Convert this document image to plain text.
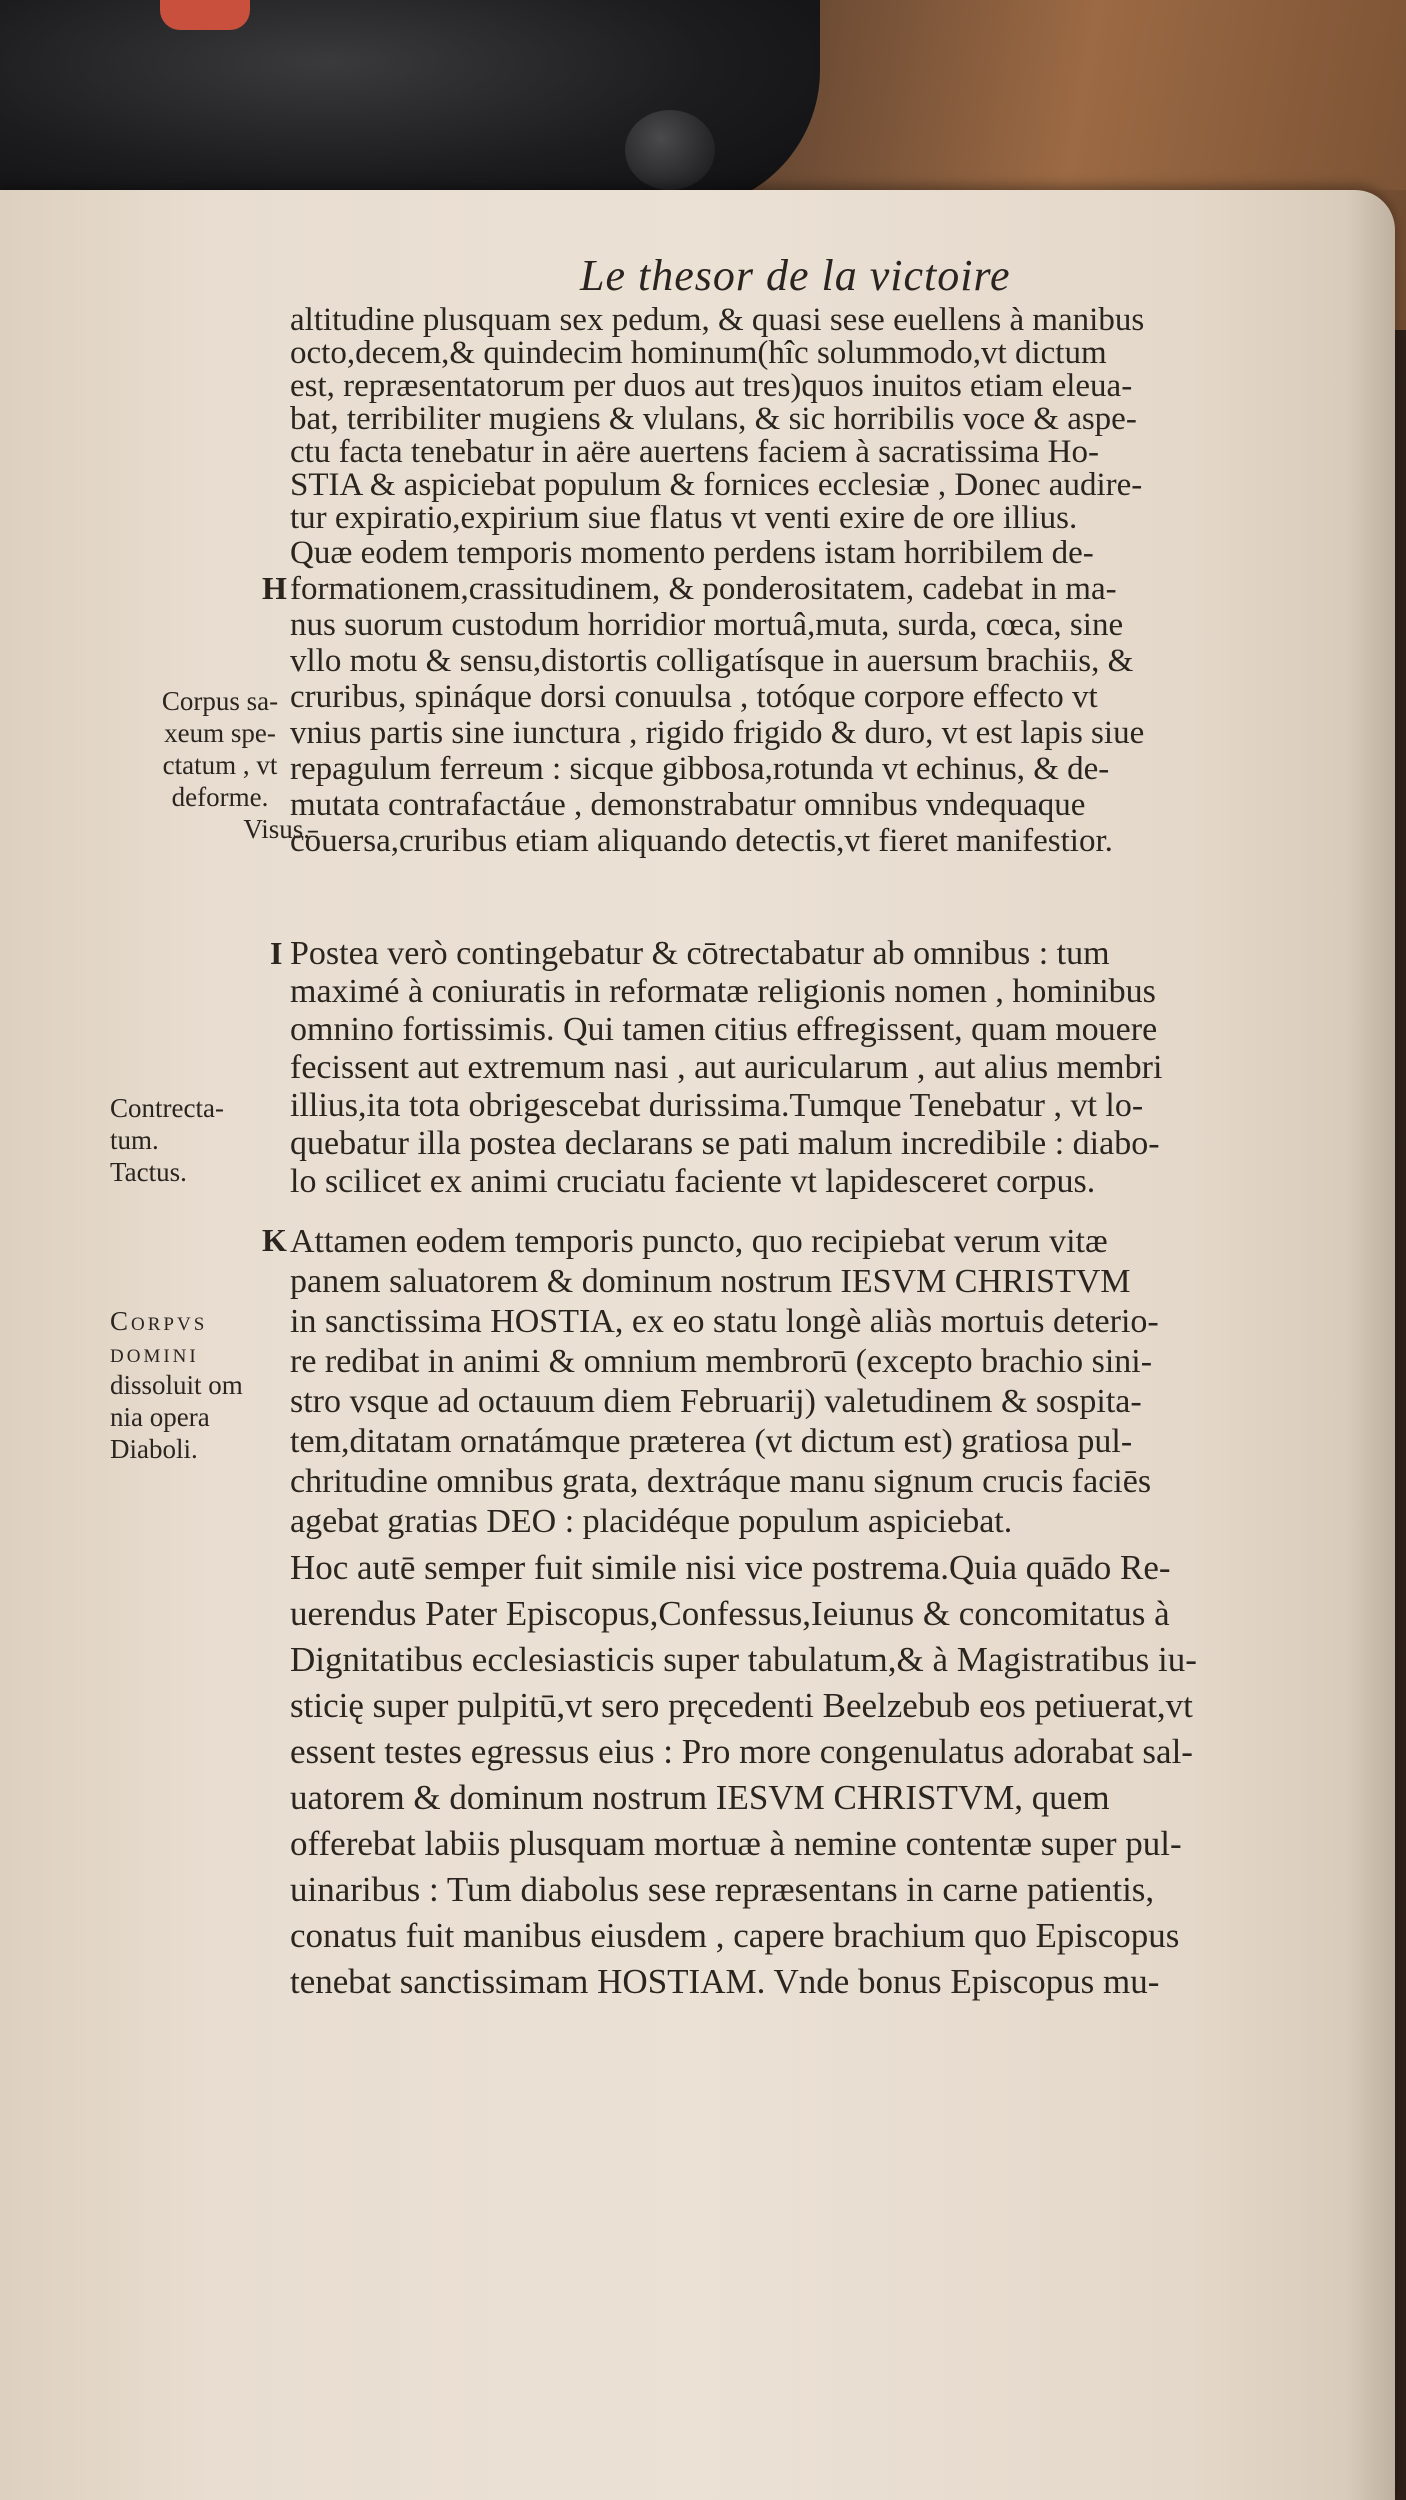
Le thesor de la victoire
altitudine plusquam sex pedum, & quasi sese euellens à manibus
octo,decem,& quindecim hominum(hîc solummodo,vt dictum
est, repræsentatorum per duos aut tres)quos inuitos etiam eleua-
bat, terribiliter mugiens & vlulans, & sic horribilis voce & aspe-
ctu facta tenebatur in aëre auertens faciem à sacratissima Ho-
STIA & aspiciebat populum & fornices ecclesiæ , Donec audire-
tur expiratio,expirium siue flatus vt venti exire de ore illius.
Quæ eodem temporis momento perdens istam horribilem de-
formationem,crassitudinem, & ponderositatem, cadebat in ma-
nus suorum custodum horridior mortuâ,muta, surda, cœca, sine
vllo motu & sensu,distortis colligatísque in auersum brachiis, &
cruribus, spináque dorsi conuulsa , totóque corpore effecto vt
vnius partis sine iunctura , rigido frigido & duro, vt est lapis siue
repagulum ferreum : sicque gibbosa,rotunda vt echinus, & de-
mutata contrafactáue , demonstrabatur omnibus vndequaque
cōuersa,cruribus etiam aliquando detectis,vt fieret manifestior.
Postea verò contingebatur & cōtrectabatur ab omnibus : tum
maximé à coniuratis in reformatæ religionis nomen , hominibus
omnino fortissimis. Qui tamen citius effregissent, quam mouere
fecissent aut extremum nasi , aut auricularum , aut alius membri
illius,ita tota obrigescebat durissima.Tumque Tenebatur , vt lo-
quebatur illa postea declarans se pati malum incredibile : diabo-
lo scilicet ex animi cruciatu faciente vt lapidesceret corpus.
Attamen eodem temporis puncto, quo recipiebat verum vitæ
panem saluatorem & dominum nostrum IESVM CHRISTVM
in sanctissima HOSTIA, ex eo statu longè aliàs mortuis deterio-
re redibat in animi & omnium membrorū (excepto brachio sini-
stro vsque ad octauum diem Februarij) valetudinem & sospita-
tem,ditatam ornatámque præterea (vt dictum est) gratiosa pul-
chritudine omnibus grata, dextráque manu signum crucis faciēs
agebat gratias DEO : placidéque populum aspiciebat.
Hoc autē semper fuit simile nisi vice postrema.Quia quādo Re-
uerendus Pater Episcopus,Confessus,Ieiunus & concomitatus à
Dignitatibus ecclesiasticis super tabulatum,& à Magistratibus iu-
sticię super pulpitū,vt sero pręcedenti Beelzebub eos petiuerat,vt
essent testes egressus eius : Pro more congenulatus adorabat sal-
uatorem & dominum nostrum IESVM CHRISTVM, quem
offerebat labiis plusquam mortuæ à nemine contentæ super pul-
uinaribus : Tum diabolus sese repræsentans in carne patientis,
conatus fuit manibus eiusdem , capere brachium quo Episcopus
tenebat sanctissimam HOSTIAM. Vnde bonus Episcopus mu-
H
I
K
Corpus sa-
xeum spe-
ctatum , vt
deforme.
Visus.
Contrecta-
tum.
Tactus.
Corpvs
domini
dissoluit om
nia opera
Diaboli.
